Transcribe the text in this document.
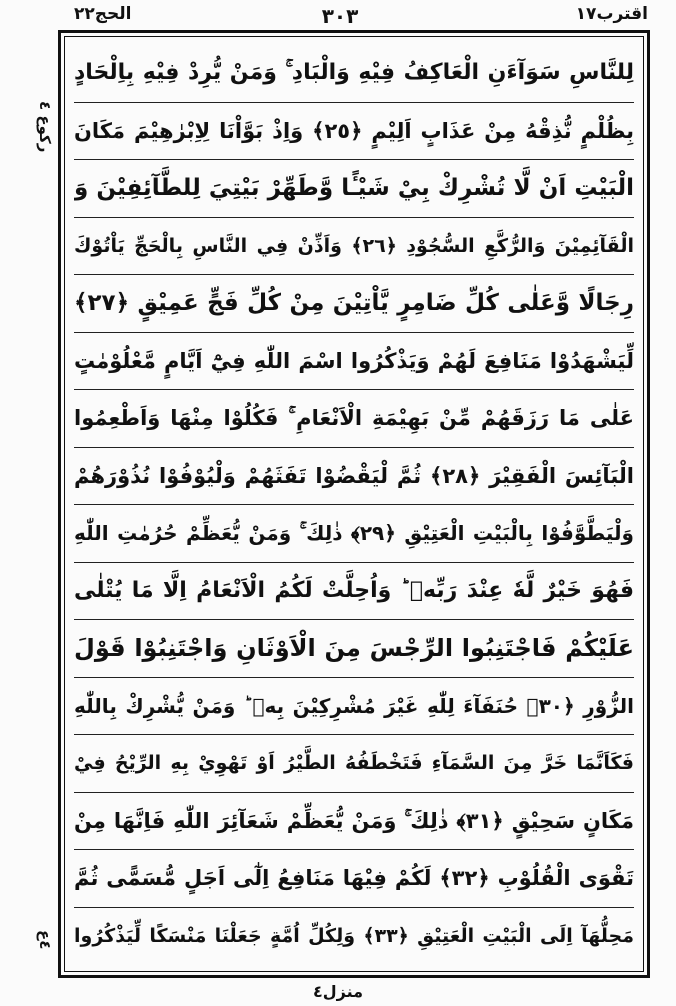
الحج٢٢	٣٠٣	اقترب١٧
ركوع ٤
٤ع
لِلنَّاسِ سَوَآءَنِ الْعَاكِفُ فِيْهِ وَالْبَادِ ۚ وَمَنْ يُّرِدْ فِيْهِ بِاِلْحَادٍ
بِظُلْمٍ نُّذِقْهُ مِنْ عَذَابٍ اَلِيْمٍ ﴿٢٥﴾ وَاِذْ بَوَّاْنَا لِاِبْرٰهِيْمَ مَكَانَ
الْبَيْتِ اَنْ لَّا تُشْرِكْ بِيْ شَيْـًٔا وَّطَهِّرْ بَيْتِيَ لِلطَّآئِفِيْنَ وَ
الْقَآئِمِيْنَ وَالرُّكَّعِ السُّجُوْدِ ﴿٢٦﴾ وَاَذِّنْ فِي النَّاسِ بِالْحَجِّ يَاْتُوْكَ
رِجَالًا وَّعَلٰى كُلِّ ضَامِرٍ يَّاْتِيْنَ مِنْ كُلِّ فَجٍّ عَمِيْقٍ ﴿٢٧﴾
لِّيَشْهَدُوْا مَنَافِعَ لَهُمْ وَيَذْكُرُوا اسْمَ اللّٰهِ فِيْٓ اَيَّامٍ مَّعْلُوْمٰتٍ
عَلٰى مَا رَزَقَهُمْ مِّنْ بَهِيْمَةِ الْاَنْعَامِ ۚ فَكُلُوْا مِنْهَا وَاَطْعِمُوا
الْبَآئِسَ الْفَقِيْرَ ﴿٢٨﴾ ثُمَّ لْيَقْضُوْا تَفَثَهُمْ وَلْيُوْفُوْا نُذُوْرَهُمْ
وَلْيَطَّوَّفُوْا بِالْبَيْتِ الْعَتِيْقِ ﴿٢٩﴾ ذٰلِكَ ۚ وَمَنْ يُّعَظِّمْ حُرُمٰتِ اللّٰهِ
فَهُوَ خَيْرٌ لَّهٗ عِنْدَ رَبِّهٖ ؕ وَاُحِلَّتْ لَكُمُ الْاَنْعَامُ اِلَّا مَا يُتْلٰى
عَلَيْكُمْ فَاجْتَنِبُوا الرِّجْسَ مِنَ الْاَوْثَانِ وَاجْتَنِبُوْا قَوْلَ
الزُّوْرِ ﴿٣٠﴾ حُنَفَآءَ لِلّٰهِ غَيْرَ مُشْرِكِيْنَ بِهٖ ؕ وَمَنْ يُّشْرِكْ بِاللّٰهِ
فَكَاَنَّمَا خَرَّ مِنَ السَّمَآءِ فَتَخْطَفُهُ الطَّيْرُ اَوْ تَهْوِيْ بِهِ الرِّيْحُ فِيْ
مَكَانٍ سَحِيْقٍ ﴿٣١﴾ ذٰلِكَ ۚ وَمَنْ يُّعَظِّمْ شَعَآئِرَ اللّٰهِ فَاِنَّهَا مِنْ
تَقْوَى الْقُلُوْبِ ﴿٣٢﴾ لَكُمْ فِيْهَا مَنَافِعُ اِلٰٓى اَجَلٍ مُّسَمًّى ثُمَّ
مَحِلُّهَآ اِلَى الْبَيْتِ الْعَتِيْقِ ﴿٣٣﴾ وَلِكُلِّ اُمَّةٍ جَعَلْنَا مَنْسَكًا لِّيَذْكُرُوا
منزل٤
